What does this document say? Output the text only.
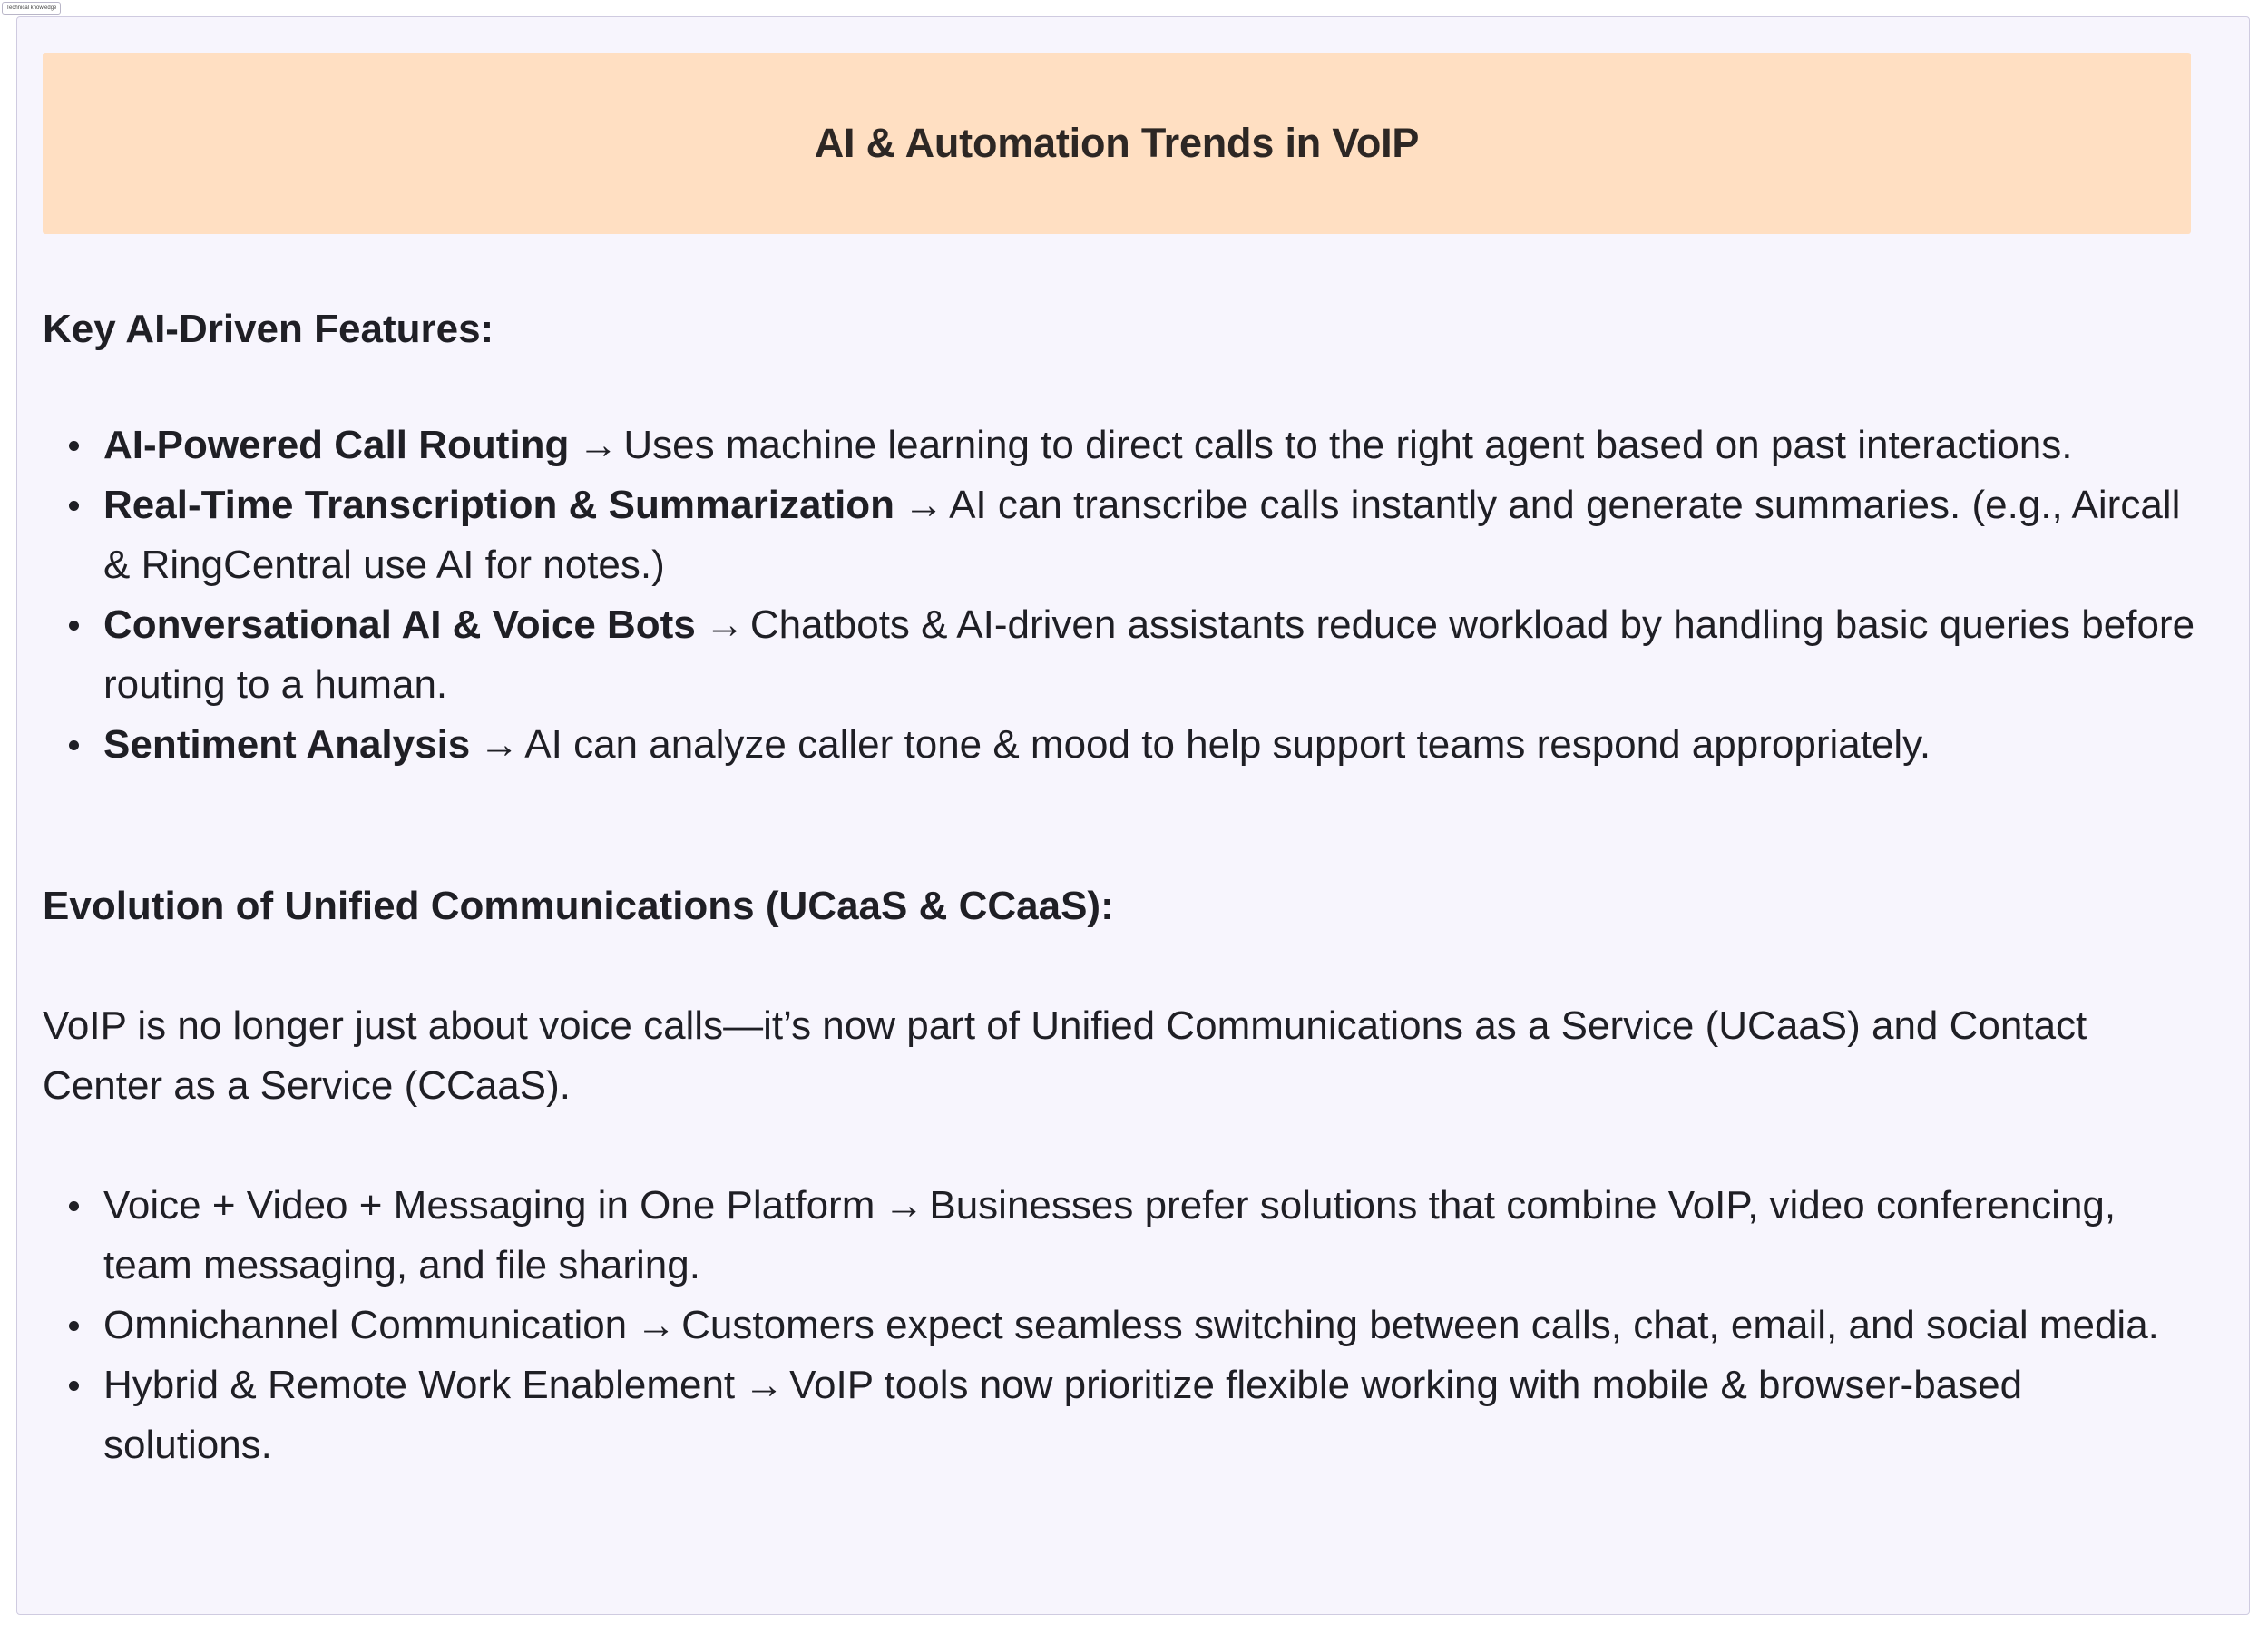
Technical knowledge
AI & Automation Trends in VoIP

Key AI-Driven Features:

AI-Powered Call Routing → Uses machine learning to direct calls to the right agent based on past interactions.
Real-Time Transcription & Summarization → AI can transcribe calls instantly and generate summaries. (e.g., Aircall & RingCentral use AI for notes.)
Conversational AI & Voice Bots → Chatbots & AI-driven assistants reduce workload by handling basic queries before routing to a human.
Sentiment Analysis → AI can analyze caller tone & mood to help support teams respond appropriately.

Evolution of Unified Communications (UCaaS & CCaaS):

VoIP is no longer just about voice calls—it’s now part of Unified Communications as a Service (UCaaS) and Contact Center as a Service (CCaaS).

Voice + Video + Messaging in One Platform → Businesses prefer solutions that combine VoIP, video conferencing, team messaging, and file sharing.
Omnichannel Communication → Customers expect seamless switching between calls, chat, email, and social media.
Hybrid & Remote Work Enablement → VoIP tools now prioritize flexible working with mobile & browser-based solutions.
